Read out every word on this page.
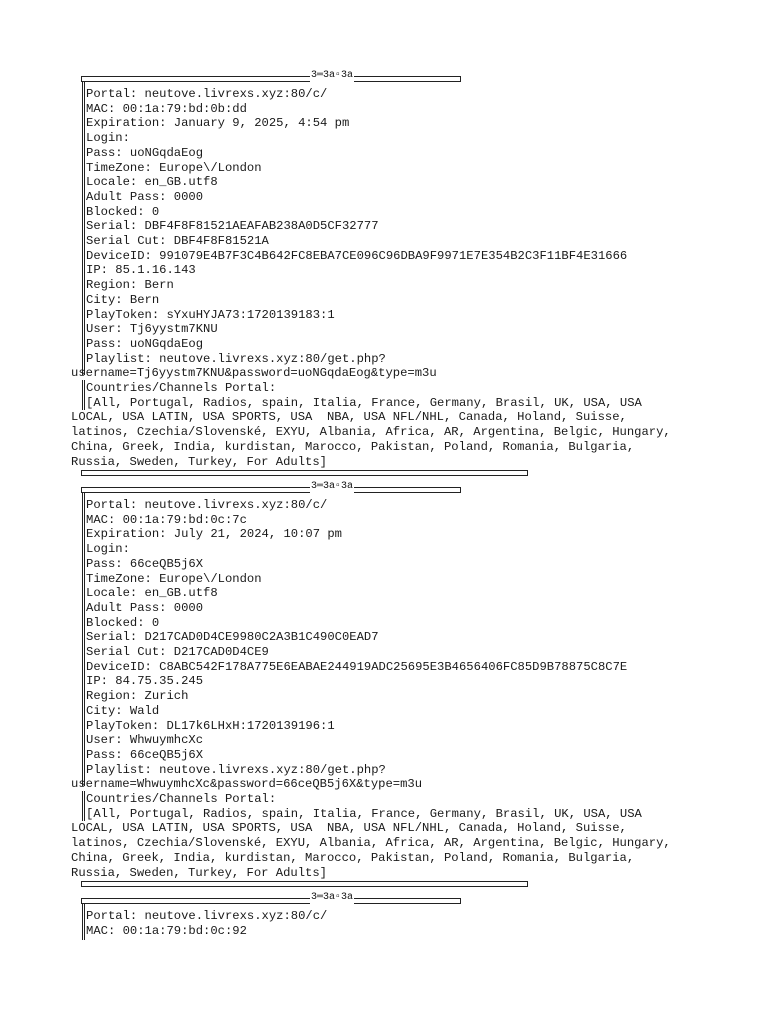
3═3a▫3a
Portal: neutove.livrexs.xyz:80/c/
MAC: 00:1a:79:bd:0b:dd
Expiration: January 9, 2025, 4:54 pm
Login:
Pass: uoNGqdaEog
TimeZone: Europe\/London
Locale: en_GB.utf8
Adult Pass: 0000
Blocked: 0
Serial: DBF4F8F81521AEAFAB238A0D5CF32777
Serial Cut: DBF4F8F81521A
DeviceID: 991079E4B7F3C4B642FC8EBA7CE096C96DBA9F9971E7E354B2C3F11BF4E31666
IP: 85.1.16.143
Region: Bern
City: Bern
PlayToken: sYxuHYJA73:1720139183:1
User: Tj6yystm7KNU
Pass: uoNGqdaEog
Playlist: neutove.livrexs.xyz:80/get.php?
username=Tj6yystm7KNU&password=uoNGqdaEog&type=m3u
Countries/Channels Portal:
[All, Portugal, Radios, spain, Italia, France, Germany, Brasil, UK, USA, USA
LOCAL, USA LATIN, USA SPORTS, USA  NBA, USA NFL/NHL, Canada, Holand, Suisse,
latinos, Czechia/Slovenské, EXYU, Albania, Africa, AR, Argentina, Belgic, Hungary,
China, Greek, India, kurdistan, Marocco, Pakistan, Poland, Romania, Bulgaria,
Russia, Sweden, Turkey, For Adults]
3═3a▫3a
Portal: neutove.livrexs.xyz:80/c/
MAC: 00:1a:79:bd:0c:7c
Expiration: July 21, 2024, 10:07 pm
Login:
Pass: 66ceQB5j6X
TimeZone: Europe\/London
Locale: en_GB.utf8
Adult Pass: 0000
Blocked: 0
Serial: D217CAD0D4CE9980C2A3B1C490C0EAD7
Serial Cut: D217CAD0D4CE9
DeviceID: C8ABC542F178A775E6EABAE244919ADC25695E3B4656406FC85D9B78875C8C7E
IP: 84.75.35.245
Region: Zurich
City: Wald
PlayToken: DL17k6LHxH:1720139196:1
User: WhwuymhcXc
Pass: 66ceQB5j6X
Playlist: neutove.livrexs.xyz:80/get.php?
username=WhwuymhcXc&password=66ceQB5j6X&type=m3u
Countries/Channels Portal:
[All, Portugal, Radios, spain, Italia, France, Germany, Brasil, UK, USA, USA
LOCAL, USA LATIN, USA SPORTS, USA  NBA, USA NFL/NHL, Canada, Holand, Suisse,
latinos, Czechia/Slovenské, EXYU, Albania, Africa, AR, Argentina, Belgic, Hungary,
China, Greek, India, kurdistan, Marocco, Pakistan, Poland, Romania, Bulgaria,
Russia, Sweden, Turkey, For Adults]
3═3a▫3a
Portal: neutove.livrexs.xyz:80/c/
MAC: 00:1a:79:bd:0c:92
